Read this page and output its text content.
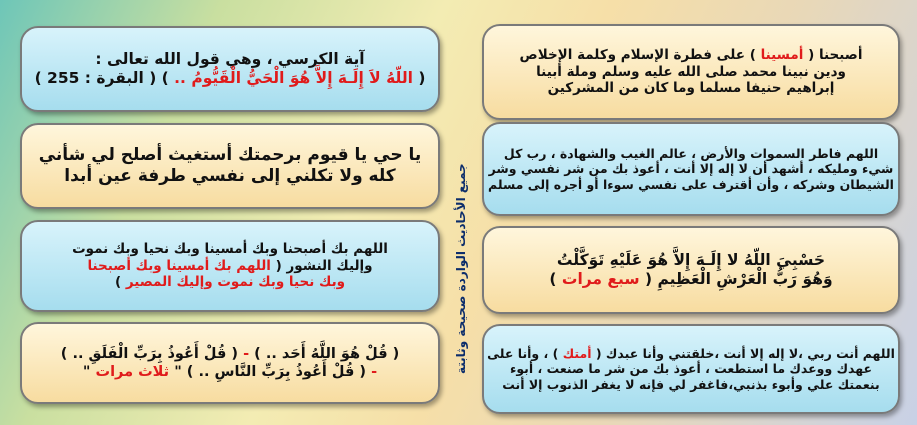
آية الكرسي ، وهي قول الله تعالى :
( اللّهُ لاَ إِلَـهَ إِلاَّ هُوَ الْحَيُّ الْقَيُّومُ .. ) ( البقرة : 255 )
يا حي يا قيوم برحمتك أستغيث أصلح لي شأني
كله ولا تكلني إلى نفسي طرفة عين أبدا
اللهم بك أصبحنا وبك أمسينا وبك نحيا وبك نموت
وإليك النشور ( اللهم بك أمسينا وبك أصبحنا
وبك نحيا وبك نموت وإليك المصير )
( قُلْ هُوَ اللَّهُ أَحَد .. ) - ( قُلْ أَعُوذُ بِرَبِّ الْفَلَقِ .. )
- ( قُلْ أَعُوذُ بِرَبِّ النَّاسِ .. ) " ثلاث مرات "	جميع الأحاديث الواردة صحيحة وثابتة
أصبحنا ( أمسينا ) على فطرة الإسلام وكلمة الإخلاص
ودين نبينا محمد صلى الله عليه وسلم وملة أبينا
إبراهيم حنيفا مسلما وما كان من المشركين
اللهم فاطر السموات والأرض ، عالم الغيب والشهادة ، رب كل
شيء ومليكه ، أشهد أن لا إله إلا أنت ، أعوذ بك من شر نفسي وشر
الشيطان وشركه ، وأن أقترف على نفسي سوءا أو أجره إلى مسلم
حَسْبِيَ اللّهُ لا إِلَـهَ إِلاَّ هُوَ عَلَيْهِ تَوَكَّلْتُ
وَهُوَ رَبُّ الْعَرْشِ الْعَظِيمِ ( سبع مرات )
اللهم أنت ربي ،لا إله إلا أنت ،خلقتني وأنا عبدك ( أمتك ) ، وأنا على
عهدك ووعدك ما استطعت ، أعوذ بك من شر ما صنعت ، أبوء
بنعمتك علي وأبوء بذنبي،فاغفر لي فإنه لا يغفر الذنوب إلا أنت
